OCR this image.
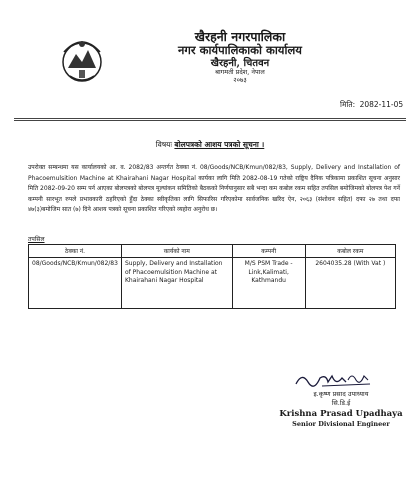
खैरहनी नगरपालिका
नगर कार्यपालिकाको कार्यालय
खैरहनी, चितवन
बागमती प्रदेश, नेपाल
२०७३
मिति: 2082-11-05
विषयः बोलपत्रको आशय पत्रको सूचना ।
उपरोक्त सम्बन्धमा यस कार्यालयको आ. व. 2082/83 अन्तर्गत ठेक्का नं. 08/Goods/NCB/Kmun/082/83, Supply, Delivery and Installation of Phacoemulsition Machine at Khairahani Nagar Hospital कार्यका लागि मिति 2082-08-19 गतेको राष्ट्रिय दैनिक पत्रिकामा प्रकाशित सूचना अनुसार मिति 2082-09-20 सम्म पर्न आएका बोलपत्रको बोलपत्र मूल्यांकन समितिको बैठकको निर्णयानुसार सबै भन्दा कम कबोल रकम सहित तपसिल बमोजिमको बोलपत्र पेश गर्ने कम्पनी सारभूत रुपले प्रभावकारी ठहरिएको हुँदा ठेक्का स्वीकृतिका लागि सिफारिस गरिएकोमा सार्वजनिक खरिद ऐन, २०६३ (संशोधन सहित) दफा २७ तथा दफा ४७(३)बमोजिम सात (७) दिने आशय पत्रको सूचना प्रकाशित गरिएको व्यहोरा अनुरोध छ।
तपसिल
ठेक्का नं.	कार्यको नाम	कम्पनी	कबोल रकम
08/Goods/NCB/Kmun/082/83	Supply, Delivery and Installation of Phacoemulsition Machine at Khairahani Nagar Hospital	M/S PSM Trade -Link,Kalimati, Kathmandu	2604035.28 (With Vat )
इ.कृष्ण प्रसाद उपाध्याय
सि.डि.ई
Krishna Prasad Upadhaya
Senior Divisional Engineer
